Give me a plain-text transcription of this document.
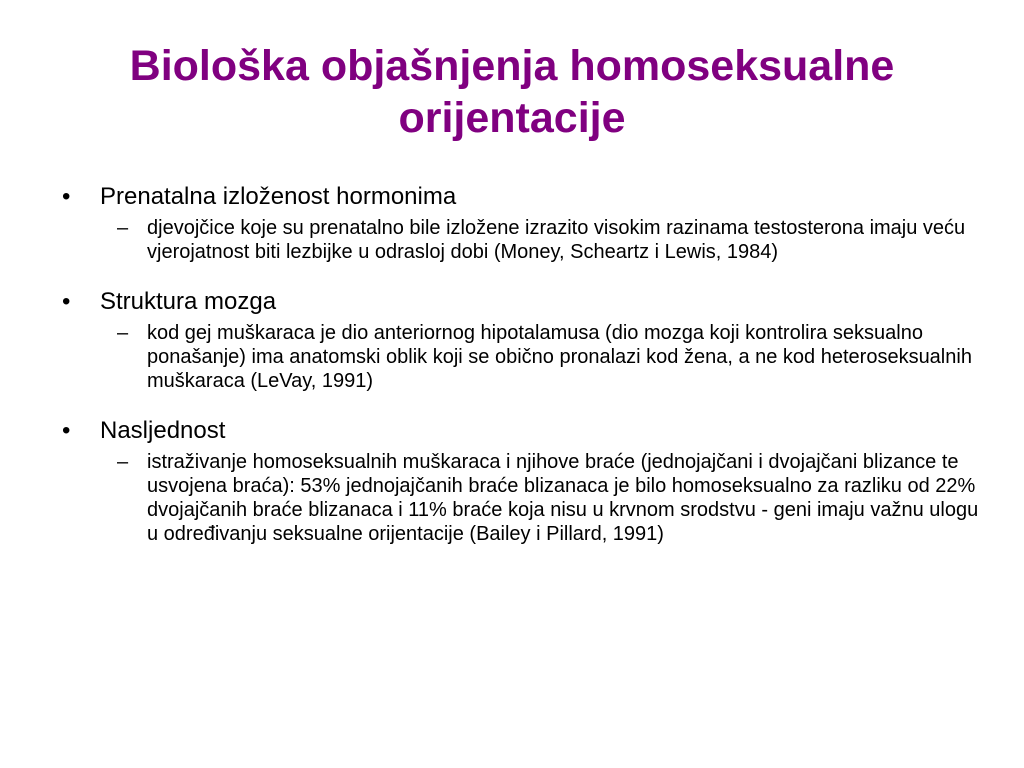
Biološka objašnjenja homoseksualne orijentacije
• Prenatalna izloženost hormonima
– djevojčice koje su prenatalno bile izložene izrazito visokim razinama testosterona imaju veću vjerojatnost biti lezbijke u odrasloj dobi (Money, Scheartz i Lewis, 1984)
• Struktura mozga
– kod gej muškaraca je dio anteriornog hipotalamusa (dio mozga koji kontrolira seksualno ponašanje) ima anatomski oblik koji se obično pronalazi kod žena, a ne kod heteroseksualnih muškaraca (LeVay, 1991)
• Nasljednost
– istraživanje homoseksualnih muškaraca i njihove braće (jednojajčani i dvojajčani blizance te usvojena braća): 53% jednojajčanih braće blizanaca je bilo homoseksualno za razliku od 22% dvojajčanih braće blizanaca i 11% braće koja nisu u krvnom srodstvu - geni imaju važnu ulogu u određivanju seksualne orijentacije (Bailey i Pillard, 1991)
